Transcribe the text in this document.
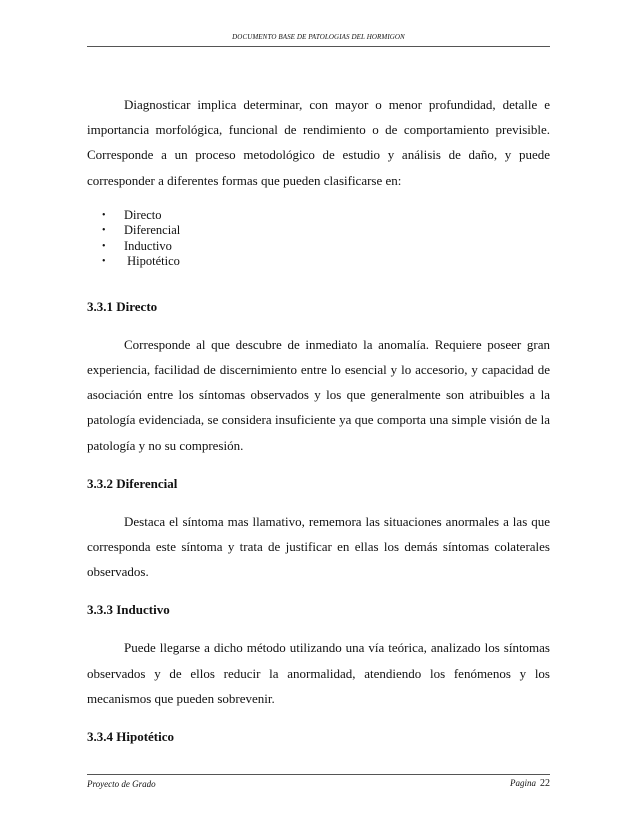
DOCUMENTO BASE DE PATOLOGIAS DEL HORMIGON

Diagnosticar implica determinar, con mayor o menor profundidad, detalle e importancia morfológica, funcional de rendimiento o de comportamiento previsible. Corresponde a un proceso metodológico de estudio y análisis de daño, y puede corresponder a diferentes formas que pueden clasificarse en:

• Directo
• Diferencial
• Inductivo
• Hipotético
3.3.1 Directo

Corresponde al que descubre de inmediato la anomalía. Requiere poseer gran experiencia, facilidad de discernimiento entre lo esencial y lo accesorio, y capacidad de asociación entre los síntomas observados y los que generalmente son atribuibles a la patología evidenciada, se considera insuficiente ya que comporta una simple visión de la patología y no su compresión.

3.3.2 Diferencial

Destaca el síntoma mas llamativo, rememora las situaciones anormales a las que corresponda este síntoma y trata de justificar en ellas los demás síntomas colaterales observados.

3.3.3 Inductivo

Puede llegarse a dicho método utilizando una vía teórica, analizado los síntomas observados y de ellos reducir la anormalidad, atendiendo los fenómenos y los mecanismos que pueden sobrevenir.

3.3.4 Hipotético
Proyecto de Grado	Pagina 22
